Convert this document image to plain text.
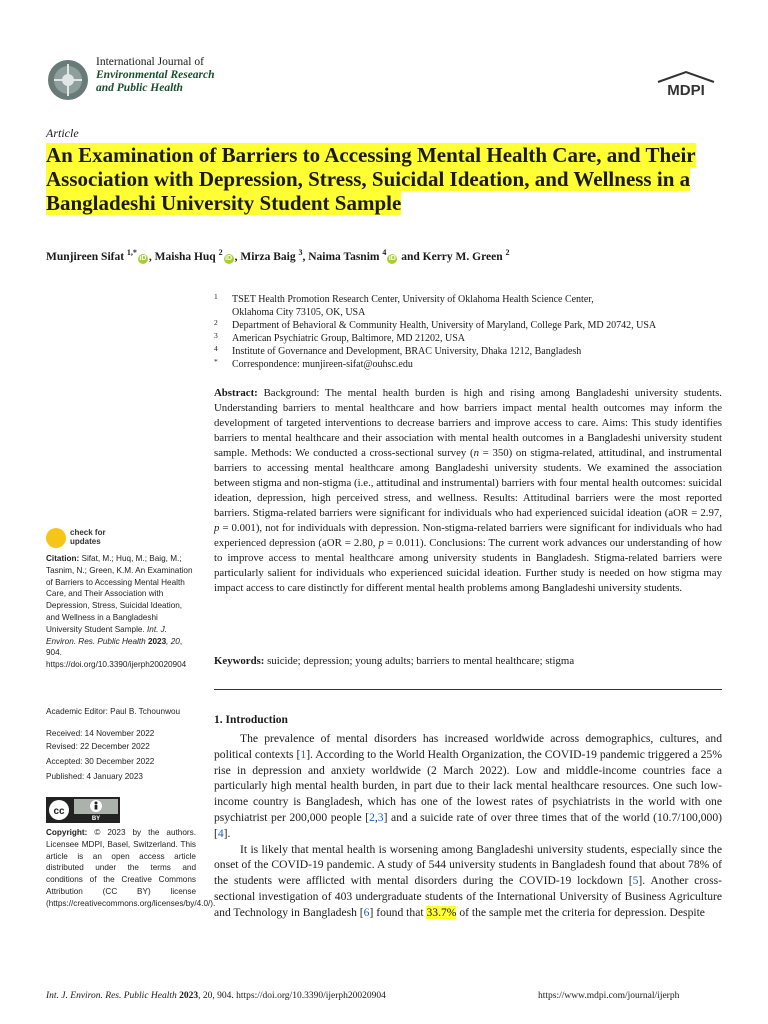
International Journal of
Environmental Research
and Public Health	MDPI
Article
An Examination of Barriers to Accessing Mental Health Care, and Their Association with Depression, Stress, Suicidal Ideation, and Wellness in a Bangladeshi University Student Sample
Munjireen Sifat $^{1,*}$iD , Maisha Huq $^2$iD , Mirza Baig $^3$, Naima Tasnim $^4$iD and Kerry M. Green $^2$
1 TSET Health Promotion Research Center, University of Oklahoma Health Science Center,
Oklahoma City 73105, OK, USA
2 Department of Behavioral & Community Health, University of Maryland, College Park, MD 20742, USA
3 American Psychiatric Group, Baltimore, MD 21202, USA
4 Institute of Governance and Development, BRAC University, Dhaka 1212, Bangladesh
* Correspondence: munjireen-sifat@ouhsc.edu
Abstract: Background: The mental health burden is high and rising among Bangladeshi university students. Understanding barriers to mental healthcare and how barriers impact mental health outcomes may inform the development of targeted interventions to decrease barriers and improve access to care. Aims: This study identifies barriers to mental healthcare and their association with mental health outcomes in a Bangladeshi university student sample. Methods: We conducted a cross-sectional survey (n = 350) on stigma-related, attitudinal, and instrumental barriers to accessing mental healthcare among Bangladeshi university students. We examined the association between stigma and non-stigma (i.e., attitudinal and instrumental) barriers with four mental health outcomes: suicidal ideation, depression, high perceived stress, and wellness. Results: Attitudinal barriers were the most reported barriers. Stigma-related barriers were significant for individuals who had experienced suicidal ideation (aOR = 2.97, p = 0.001), not for individuals with depression. Non-stigma-related barriers were significant for individuals who had experienced depression (aOR = 2.80, p = 0.011). Conclusions: The current work advances our understanding of how to improve access to mental healthcare among university students in Bangladesh. Stigma-related barriers were particularly salient for individuals who experienced suicidal ideation. Further study is needed on how stigma may impact access to care distinctly for different mental health problems among Bangladeshi university students.
Keywords: suicide; depression; young adults; barriers to mental healthcare; stigma
1. Introduction

The prevalence of mental disorders has increased worldwide across demographics, cultures, and political contexts [1]. According to the World Health Organization, the COVID-19 pandemic triggered a 25% rise in depression and anxiety worldwide (2 March 2022). Low and middle-income countries face a particularly high mental health burden, in part due to their lack mental healthcare resources. One such low-income country is Bangladesh, which has one of the lowest rates of psychiatrists in the world with one psychiatrist per 200,000 people [2,3] and a suicide rate of over three times that of the world (10.7/100,000) [4].

It is likely that mental health is worsening among Bangladeshi university students, especially since the onset of the COVID-19 pandemic. A study of 544 university students in Bangladesh found that about 78% of the students were afflicted with mental disorders during the COVID-19 lockdown [5]. Another cross-sectional investigation of 403 undergraduate students of the International University of Business Agriculture and Technology in Bangladesh [6] found that 33.7% of the sample met the criteria for depression. Despite

check for
updates
Citation: Sifat, M.; Huq, M.; Baig, M.; Tasnim, N.; Green, K.M. An Examination of Barriers to Accessing Mental Health Care, and Their Association with Depression, Stress, Suicidal Ideation, and Wellness in a Bangladeshi University Student Sample. Int. J. Environ. Res. Public Health 2023, 20, 904. https://doi.org/10.3390/ijerph20020904
Academic Editor: Paul B. Tchounwou
Received: 14 November 2022
Revised: 22 December 2022
Accepted: 30 December 2022
Published: 4 January 2023
cc
BY
Copyright: © 2023 by the authors. Licensee MDPI, Basel, Switzerland. This article is an open access article distributed under the terms and conditions of the Creative Commons Attribution (CC BY) license (https://creativecommons.org/licenses/by/4.0/).
Int. J. Environ. Res. Public Health 2023, 20, 904. https://doi.org/10.3390/ijerph20020904	https://www.mdpi.com/journal/ijerph
